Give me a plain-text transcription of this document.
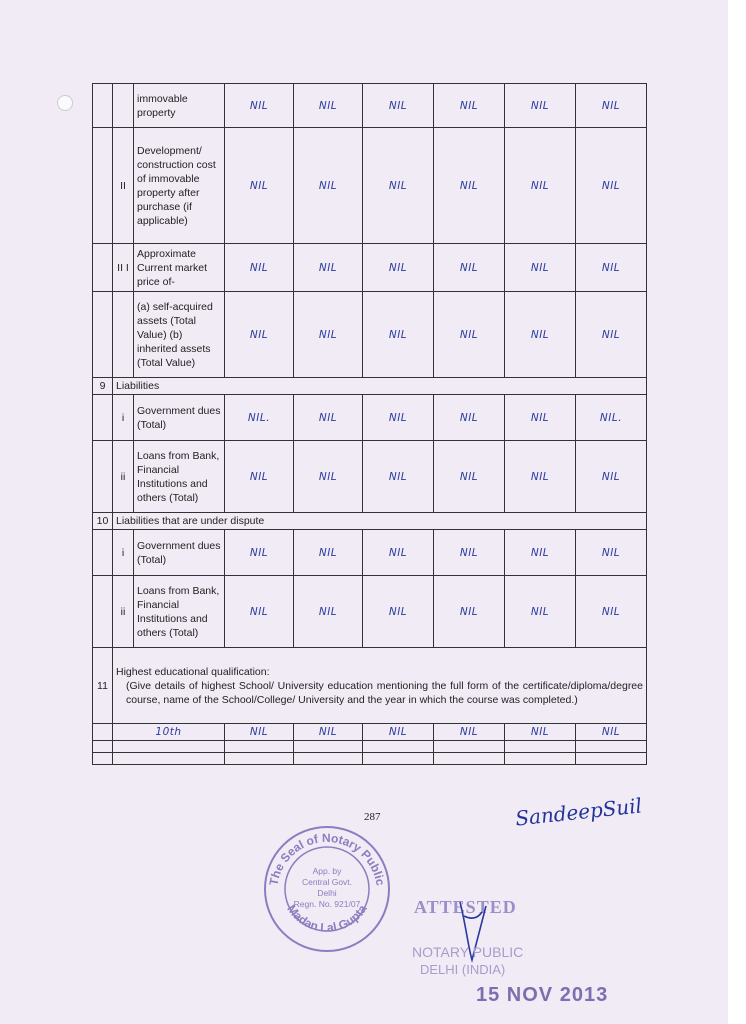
		immovable property	NIL	NIL	NIL	NIL	NIL	NIL
	II	Development/ construction cost of immovable property after purchase (if applicable)	NIL	NIL	NIL	NIL	NIL	NIL
	II I	Approximate Current market price of-	NIL	NIL	NIL	NIL	NIL	NIL
		(a) self-acquired assets (Total Value) (b) inherited assets (Total Value)	NIL	NIL	NIL	NIL	NIL	NIL
9	Liabilities							
	i	Government dues (Total)	NIL.	NIL	NIL	NIL	NIL	NIL.
	ii	Loans from Bank, Financial Institutions and others (Total)	NIL	NIL	NIL	NIL	NIL	NIL
10	Liabilities that are under dispute							
	i	Government dues (Total)	NIL	NIL	NIL	NIL	NIL	NIL
	ii	Loans from Bank, Financial Institutions and others (Total)	NIL	NIL	NIL	NIL	NIL	NIL
11	Highest educational qualification:
(Give details of highest School/ University education mentioning the full form of the certificate/diploma/degree course, name of the School/College/ University and the year in which the course was completed.)							

	10th		NIL	NIL	NIL	NIL	NIL	NIL

287	SandeepSuil
The Seal of Notary Public
Madan Lal Gupta
App. by
Central Govt.
Delhi
Regn. No. 921/07	ATTESTED
NOTARY PUBLIC
DELHI (INDIA)
15 NOV 2013
